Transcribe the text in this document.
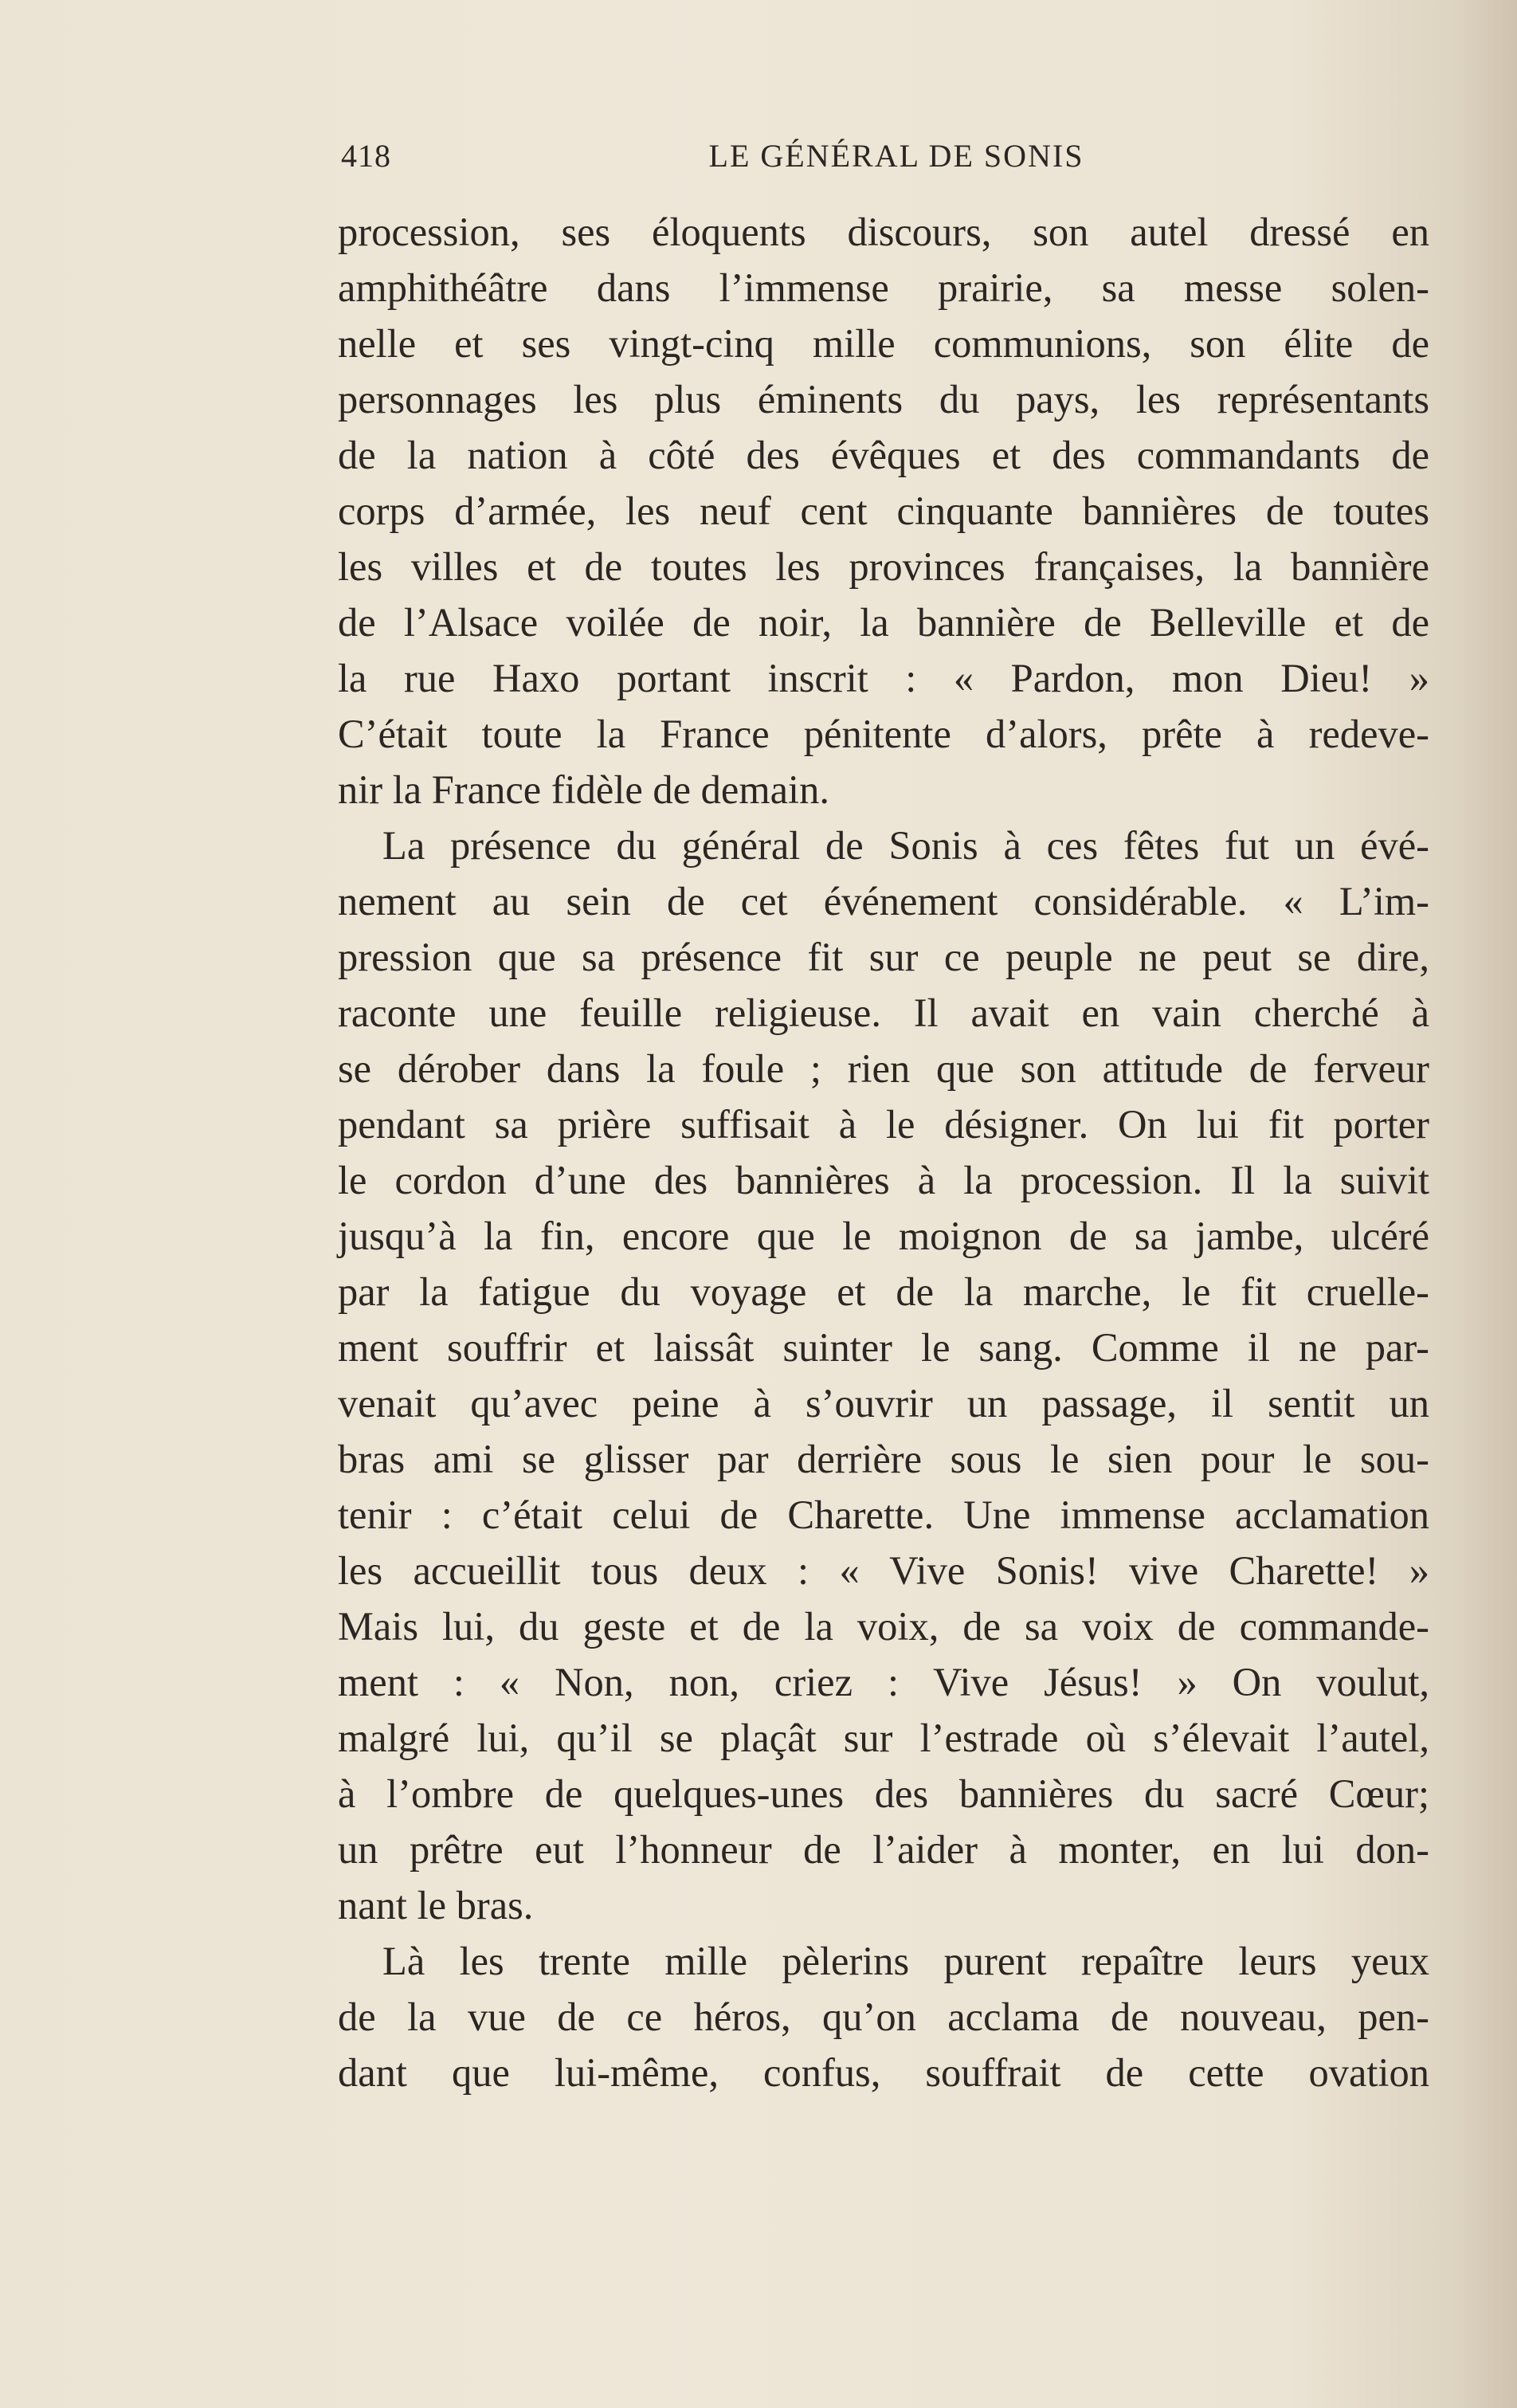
418	LE GÉNÉRAL DE SONIS
procession, ses éloquents discours, son autel dressé en
amphithéâtre dans l’immense prairie, sa messe solen-
nelle et ses vingt-cinq mille communions, son élite de
personnages les plus éminents du pays, les représentants
de la nation à côté des évêques et des commandants de
corps d’armée, les neuf cent cinquante bannières de toutes
les villes et de toutes les provinces françaises, la bannière
de l’Alsace voilée de noir, la bannière de Belleville et de
la rue Haxo portant inscrit : « Pardon, mon Dieu! »
C’était toute la France pénitente d’alors, prête à redeve-
nir la France fidèle de demain.
La présence du général de Sonis à ces fêtes fut un évé-
nement au sein de cet événement considérable. « L’im-
pression que sa présence fit sur ce peuple ne peut se dire,
raconte une feuille religieuse. Il avait en vain cherché à
se dérober dans la foule ; rien que son attitude de ferveur
pendant sa prière suffisait à le désigner. On lui fit porter
le cordon d’une des bannières à la procession. Il la suivit
jusqu’à la fin, encore que le moignon de sa jambe, ulcéré
par la fatigue du voyage et de la marche, le fit cruelle-
ment souffrir et laissât suinter le sang. Comme il ne par-
venait qu’avec peine à s’ouvrir un passage, il sentit un
bras ami se glisser par derrière sous le sien pour le sou-
tenir : c’était celui de Charette. Une immense acclamation
les accueillit tous deux : « Vive Sonis! vive Charette! »
Mais lui, du geste et de la voix, de sa voix de commande-
ment : « Non, non, criez : Vive Jésus! » On voulut,
malgré lui, qu’il se plaçât sur l’estrade où s’élevait l’autel,
à l’ombre de quelques-unes des bannières du sacré Cœur;
un prêtre eut l’honneur de l’aider à monter, en lui don-
nant le bras.
Là les trente mille pèlerins purent repaître leurs yeux
de la vue de ce héros, qu’on acclama de nouveau, pen-
dant que lui-même, confus, souffrait de cette ovation
